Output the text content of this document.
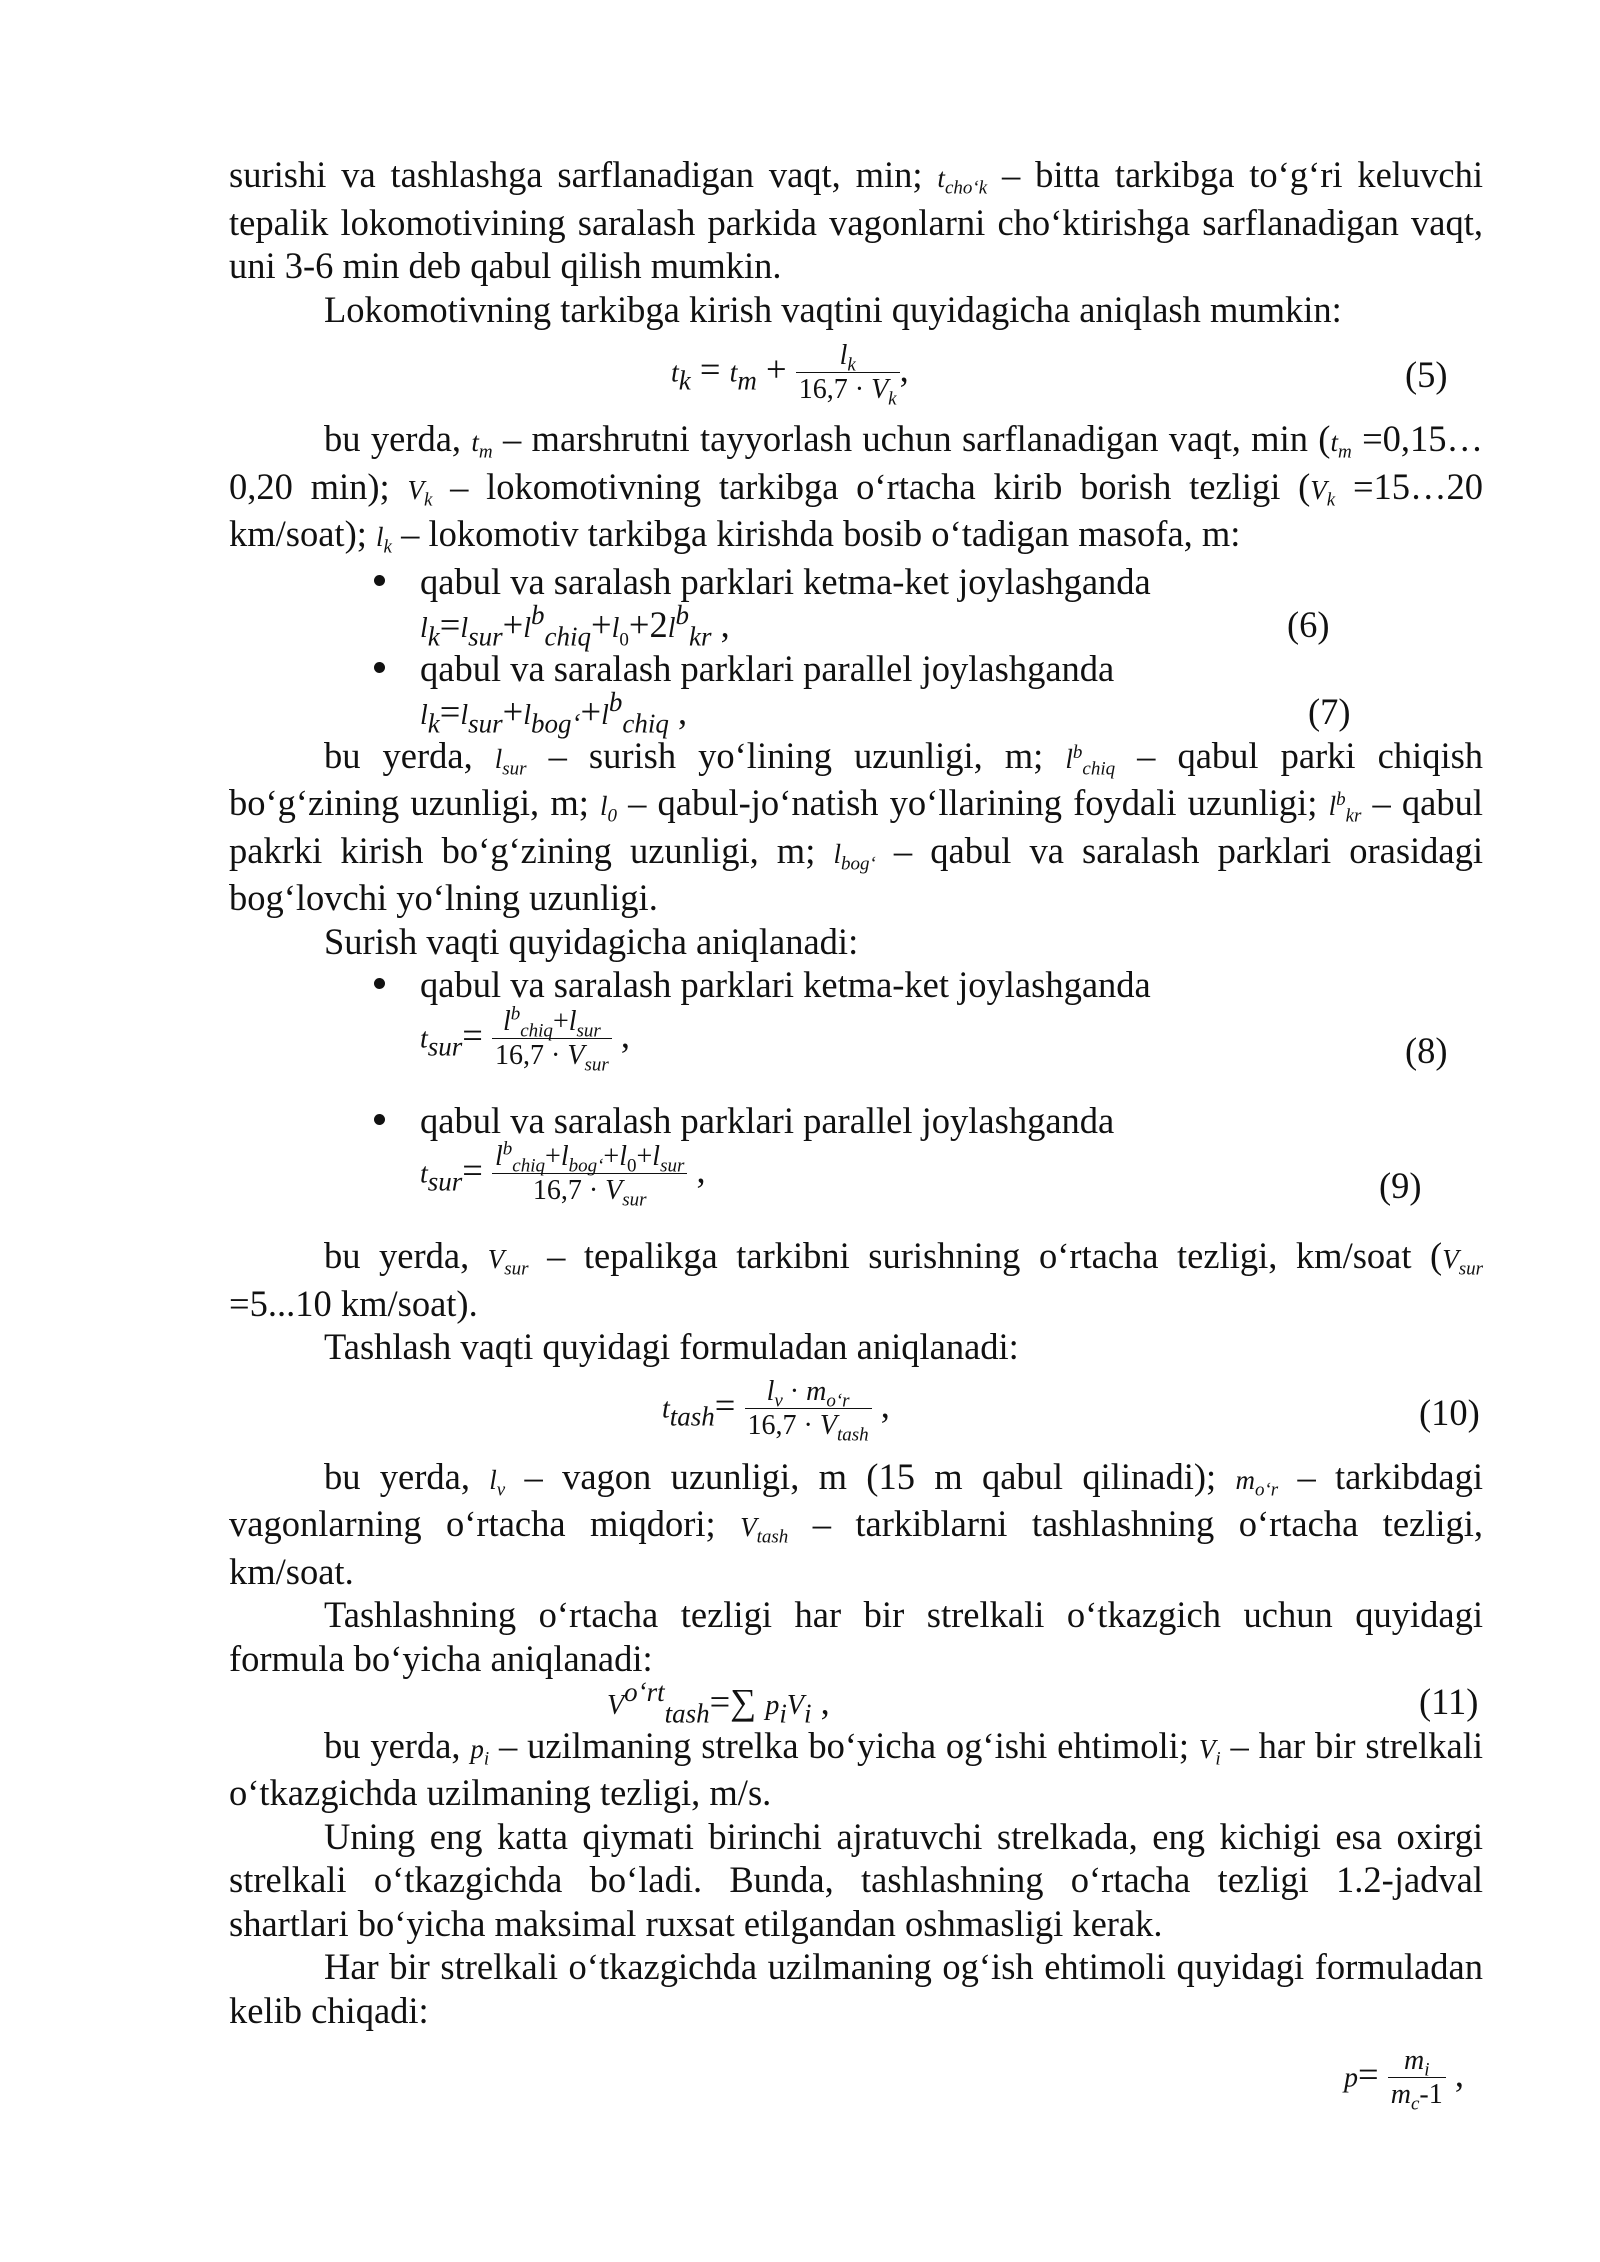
surishi va tashlashga sarflanadigan vaqt, min; $t_{cho‘k}$ – bitta tarkibga to‘g‘ri keluvchi tepalik lokomotivining saralash parkida vagonlarni cho‘ktirishga sarflanadigan vaqt, uni 3-6 min deb qabul qilish mumkin.

Lokomotivning tarkibga kirish vaqtini quyidagicha aniqlash mumkin:

$t_k = t_m + \frac{l_k}{16,7 \cdot V_k}$ ,	(5)

bu yerda, $t_m$ – marshrutni tayyorlash uchun sarflanadigan vaqt, $\min (t_m$ =0,15…0,20 min); $V_k$ – lokomotivning tarkibga o‘rtacha kirib borish tezligi ($V_k$ =15…20 km/soat); $l_k$ – lokomotiv tarkibga kirishda bosib o‘tadigan masofa, m:

qabul va saralash parklari ketma-ket joylashganda
$l_k=l_{sur}+l^b_{chiq}+l_0+2l^b_{kr}$ ,	(6)
qabul va saralash parklari parallel joylashganda
$l_k=l_{sur}+l_{bog‘}+l^b_{chiq}$ ,	(7)

bu yerda, $l_{sur}$ – surish yo‘lining uzunligi, m; $l^b_{chiq}$ – qabul parki chiqish bo‘g‘zining uzunligi, m; $l_0$ – qabul-jo‘natish yo‘llarining foydali uzunligi; $l^b_{kr}$ – qabul pakrki kirish bo‘g‘zining uzunligi, m; $l_{bog‘}$ – qabul va saralash parklari orasidagi bog‘lovchi yo‘lning uzunligi.

Surish vaqti quyidagicha aniqlanadi:

qabul va saralash parklari ketma-ket joylashganda
$t_{sur}= \frac{l^b_{chiq}+l_{sur}}{16,7 \cdot V_{sur}}$ ,	(8)
qabul va saralash parklari parallel joylashganda
$t_{sur}= \frac{l^b_{chiq}+l_{bog‘}+l_0+l_{sur}}{16,7 \cdot V_{sur}}$ ,	(9)

bu yerda, $V_{sur}$ – tepalikga tarkibni surishning o‘rtacha tezligi, km/soat ($V_{sur} =5...10$ km/soat).

Tashlash vaqti quyidagi formuladan aniqlanadi:

$t_{tash}= \frac{l_v \cdot m_{o‘r}}{16,7 \cdot V_{tash}}$ ,	(10)

bu yerda, $l_v$ – vagon uzunligi, m (15 m qabul qilinadi); $m_{o‘r}$ – tarkibdagi vagonlarning o‘rtacha miqdori; $V_{tash}$ – tarkiblarni tashlashning o‘rtacha tezligi, km/soat.

Tashlashning o‘rtacha tezligi har bir strelkali o‘tkazgich uchun quyidagi formula bo‘yicha aniqlanadi:

$V^{o‘rt}_{tash}=\sum$ $p_iV_i$ ,	(11)

bu yerda, $p_i$ – uzilmaning strelka bo‘yicha og‘ishi ehtimoli; $V_i$ – har bir strelkali o‘tkazgichda uzilmaning tezligi, m/s.

Uning eng katta qiymati birinchi ajratuvchi strelkada, eng kichigi esa oxirgi strelkali o‘tkazgichda bo‘ladi. Bunda, tashlashning o‘rtacha tezligi 1.2-jadval shartlari bo‘yicha maksimal ruxsat etilgandan oshmasligi kerak.

Har bir strelkali o‘tkazgichda uzilmaning og‘ish ehtimoli quyidagi formuladan kelib chiqadi:

$p= \frac{m_i}{m_c-1}$ ,
